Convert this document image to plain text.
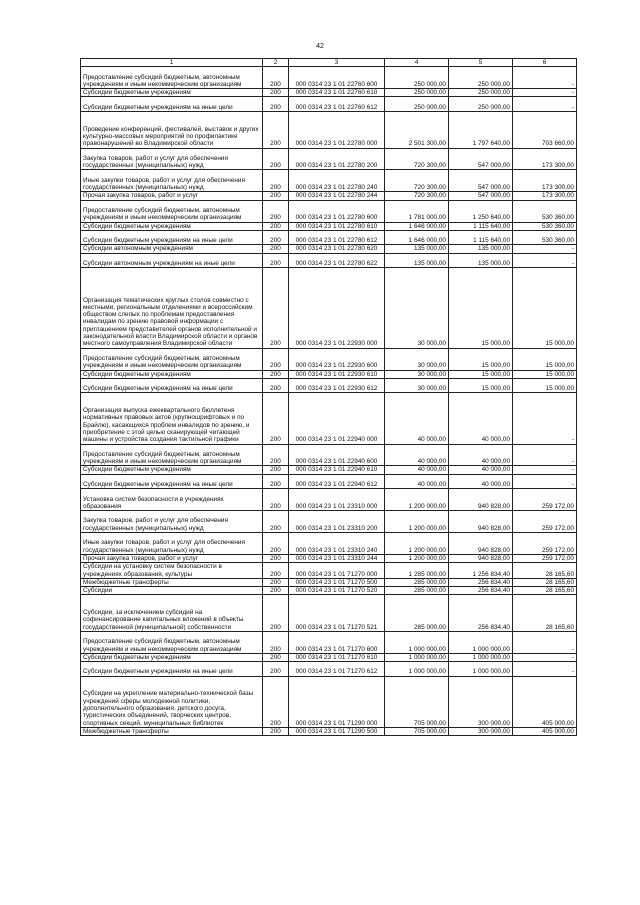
42
1	2	3	4	5	6
Предоставление субсидий бюджетным, автономным учреждениям и иным некоммерческим организациям	200	000 0314 23 1 01 22760 600	250 000,00	250 000,00	-
Субсидии бюджетным учреждениям	200	000 0314 23 1 01 22760 610	250 000,00	250 000,00	-
Субсидии бюджетным учреждениям на иные цели	200	000 0314 23 1 01 22760 612	250 000,00	250 000,00	-
Проведение конференций, фестивалей, выставок и других культурно-массовых мероприятий по профилактике правонарушений во Владимирской области	200	000 0314 23 1 01 22780 000	2 501 300,00	1 797 640,00	703 660,00
Закупка товаров, работ и услуг для обеспечения государственных (муниципальных) нужд	200	000 0314 23 1 01 22780 200	720 300,00	547 000,00	173 300,00
Иные закупки товаров, работ и услуг для обеспечения государственных (муниципальных) нужд	200	000 0314 23 1 01 22780 240	720 300,00	547 000,00	173 300,00
Прочая закупка товаров, работ и услуг	200	000 0314 23 1 01 22780 244	720 300,00	547 000,00	173 300,00
Предоставление субсидий бюджетным, автономным учреждениям и иным некоммерческим организациям	200	000 0314 23 1 01 22780 600	1 781 000,00	1 250 640,00	530 360,00
Субсидии бюджетным учреждениям	200	000 0314 23 1 01 22780 610	1 646 000,00	1 115 640,00	530 360,00
Субсидии бюджетным учреждениям на иные цели	200	000 0314 23 1 01 22780 612	1 646 000,00	1 115 640,00	530 360,00
Субсидии автономным учреждениям	200	000 0314 23 1 01 22780 620	135 000,00	135 000,00	-
Субсидии автономным учреждениям на иные цели	200	000 0314 23 1 01 22780 622	135 000,00	135 000,00	-
Организация тематических круглых столов совместно с местными, региональным отделениями и всероссийским обществом слепых по проблемам предоставления инвалидам по зрению правовой информации с приглашением представителей органов исполнительной и законодательной власти Владимирской области и органов местного самоуправления Владимирской области	200	000 0314 23 1 01 22930 000	30 000,00	15 000,00	15 000,00
Предоставление субсидий бюджетным, автономным учреждениям и иным некоммерческим организациям	200	000 0314 23 1 01 22930 600	30 000,00	15 000,00	15 000,00
Субсидии бюджетным учреждениям	200	000 0314 23 1 01 22930 610	30 000,00	15 000,00	15 000,00
Субсидии бюджетным учреждениям на иные цели	200	000 0314 23 1 01 22930 612	30 000,00	15 000,00	15 000,00
Организация выпуска ежеквартального бюллетеня нормативных правовых актов (крупношрифтовых и по Брайлю), касающихся проблем инвалидов по зрению, и приобретение с этой целью сканирующей читающей машины и устройства создания тактильной графики	200	000 0314 23 1 01 22940 000	40 000,00	40 000,00	-
Предоставление субсидий бюджетным, автономным учреждениям и иным некоммерческим организациям	200	000 0314 23 1 01 22940 600	40 000,00	40 000,00	-
Субсидии бюджетным учреждениям	200	000 0314 23 1 01 22940 610	40 000,00	40 000,00	-
Субсидии бюджетным учреждениям на иные цели	200	000 0314 23 1 01 22940 612	40 000,00	40 000,00	-
Установка систем безопасности в учреждениях образования	200	000 0314 23 1 01 23310 000	1 200 000,00	940 828,00	259 172,00
Закупка товаров, работ и услуг для обеспечения государственных (муниципальных) нужд	200	000 0314 23 1 01 23310 200	1 200 000,00	940 828,00	259 172,00
Иные закупки товаров, работ и услуг для обеспечения государственных (муниципальных) нужд	200	000 0314 23 1 01 23310 240	1 200 000,00	940 828,00	259 172,00
Прочая закупка товаров, работ и услуг	200	000 0314 23 1 01 23310 244	1 200 000,00	940 828,00	259 172,00
Субсидии на установку систем безопасности в учреждениях образования, культуры	200	000 0314 23 1 01 71270 000	1 285 000,00	1 256 834,40	28 165,60
Межбюджетные трансферты	200	000 0314 23 1 01 71270 500	285 000,00	256 834,40	28 165,60
Субсидии	200	000 0314 23 1 01 71270 520	285 000,00	256 834,40	28 165,60
Субсидии, за исключением субсидий на софинансирование капитальных вложений в объекты государственной (муниципальной) собственности	200	000 0314 23 1 01 71270 521	285 000,00	256 834,40	28 165,60
Предоставление субсидий бюджетным, автономным учреждениям и иным некоммерческим организациям	200	000 0314 23 1 01 71270 600	1 000 000,00	1 000 000,00	-
Субсидии бюджетным учреждениям	200	000 0314 23 1 01 71270 610	1 000 000,00	1 000 000,00	-
Субсидии бюджетным учреждениям на иные цели	200	000 0314 23 1 01 71270 612	1 000 000,00	1 000 000,00	-
Субсидии на укрепление материально-технической базы учреждений сферы молодежной политики, дополнительного образования, детского досуга, туристических объединений, творческих центров, спортивных секций, муниципальных библиотек	200	000 0314 23 1 01 71290 000	705 000,00	300 000,00	405 000,00
Межбюджетные трансферты	200	000 0314 23 1 01 71290 500	705 000,00	300 000,00	405 000,00
